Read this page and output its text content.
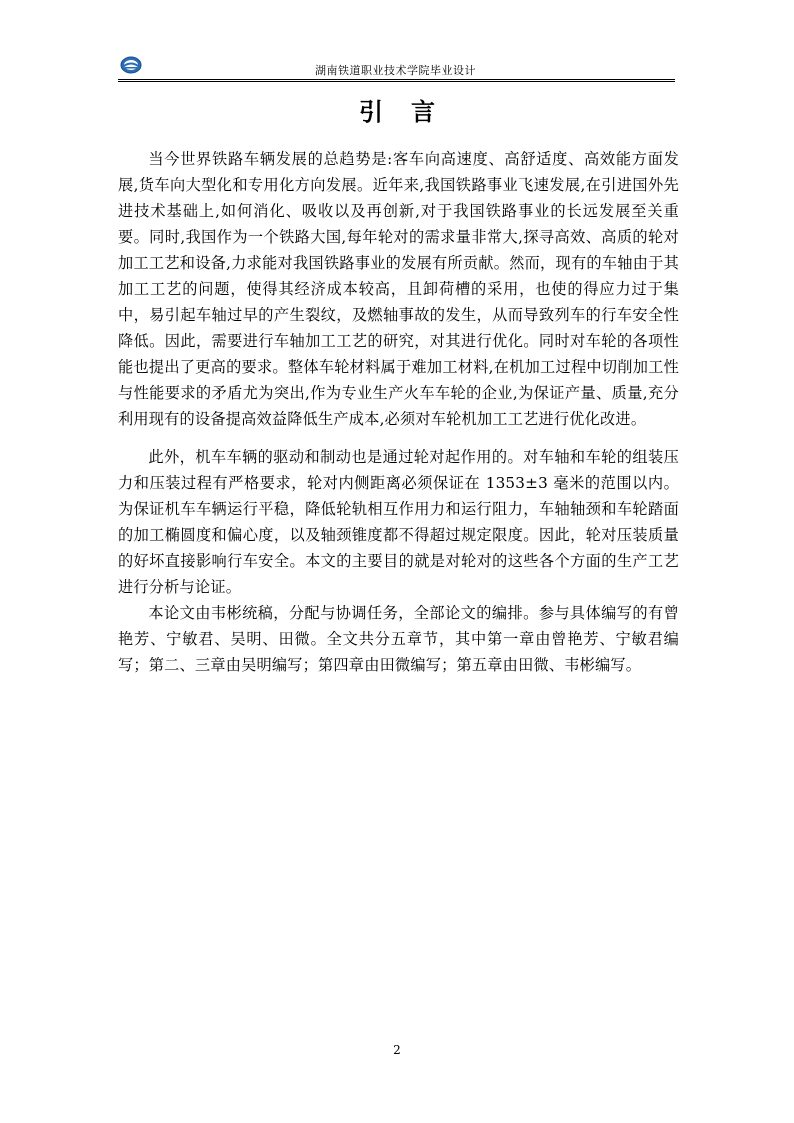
湖南铁道职业技术学院毕业设计
引言

当今世界铁路车辆发展的总趋势是:客车向高速度、高舒适度、高效能方面发展,货车向大型化和专用化方向发展。近年来,我国铁路事业飞速发展,在引进国外先进技术基础上,如何消化、吸收以及再创新,对于我国铁路事业的长远发展至关重要。同时,我国作为一个铁路大国,每年轮对的需求量非常大,探寻高效、高质的轮对加工工艺和设备,力求能对我国铁路事业的发展有所贡献。然而，现有的车轴由于其加工工艺的问题，使得其经济成本较高，且卸荷槽的采用，也使的得应力过于集中，易引起车轴过早的产生裂纹，及燃轴事故的发生，从而导致列车的行车安全性降低。因此，需要进行车轴加工工艺的研究，对其进行优化。同时对车轮的各项性能也提出了更高的要求。整体车轮材料属于难加工材料,在机加工过程中切削加工性与性能要求的矛盾尤为突出,作为专业生产火车车轮的企业,为保证产量、质量,充分利用现有的设备提高效益降低生产成本,必须对车轮机加工工艺进行优化改进。

此外，机车车辆的驱动和制动也是通过轮对起作用的。对车轴和车轮的组装压力和压装过程有严格要求，轮对内侧距离必须保证在 1353±3 毫米的范围以内。为保证机车车辆运行平稳，降低轮轨相互作用力和运行阻力，车轴轴颈和车轮踏面的加工椭圆度和偏心度，以及轴颈锥度都不得超过规定限度。因此，轮对压装质量的好坏直接影响行车安全。本文的主要目的就是对轮对的这些各个方面的生产工艺进行分析与论证。

本论文由韦彬统稿，分配与协调任务，全部论文的编排。参与具体编写的有曾艳芳、宁敏君、吴明、田微。全文共分五章节，其中第一章由曾艳芳、宁敏君编写；第二、三章由吴明编写；第四章由田微编写；第五章由田微、韦彬编写。

2
